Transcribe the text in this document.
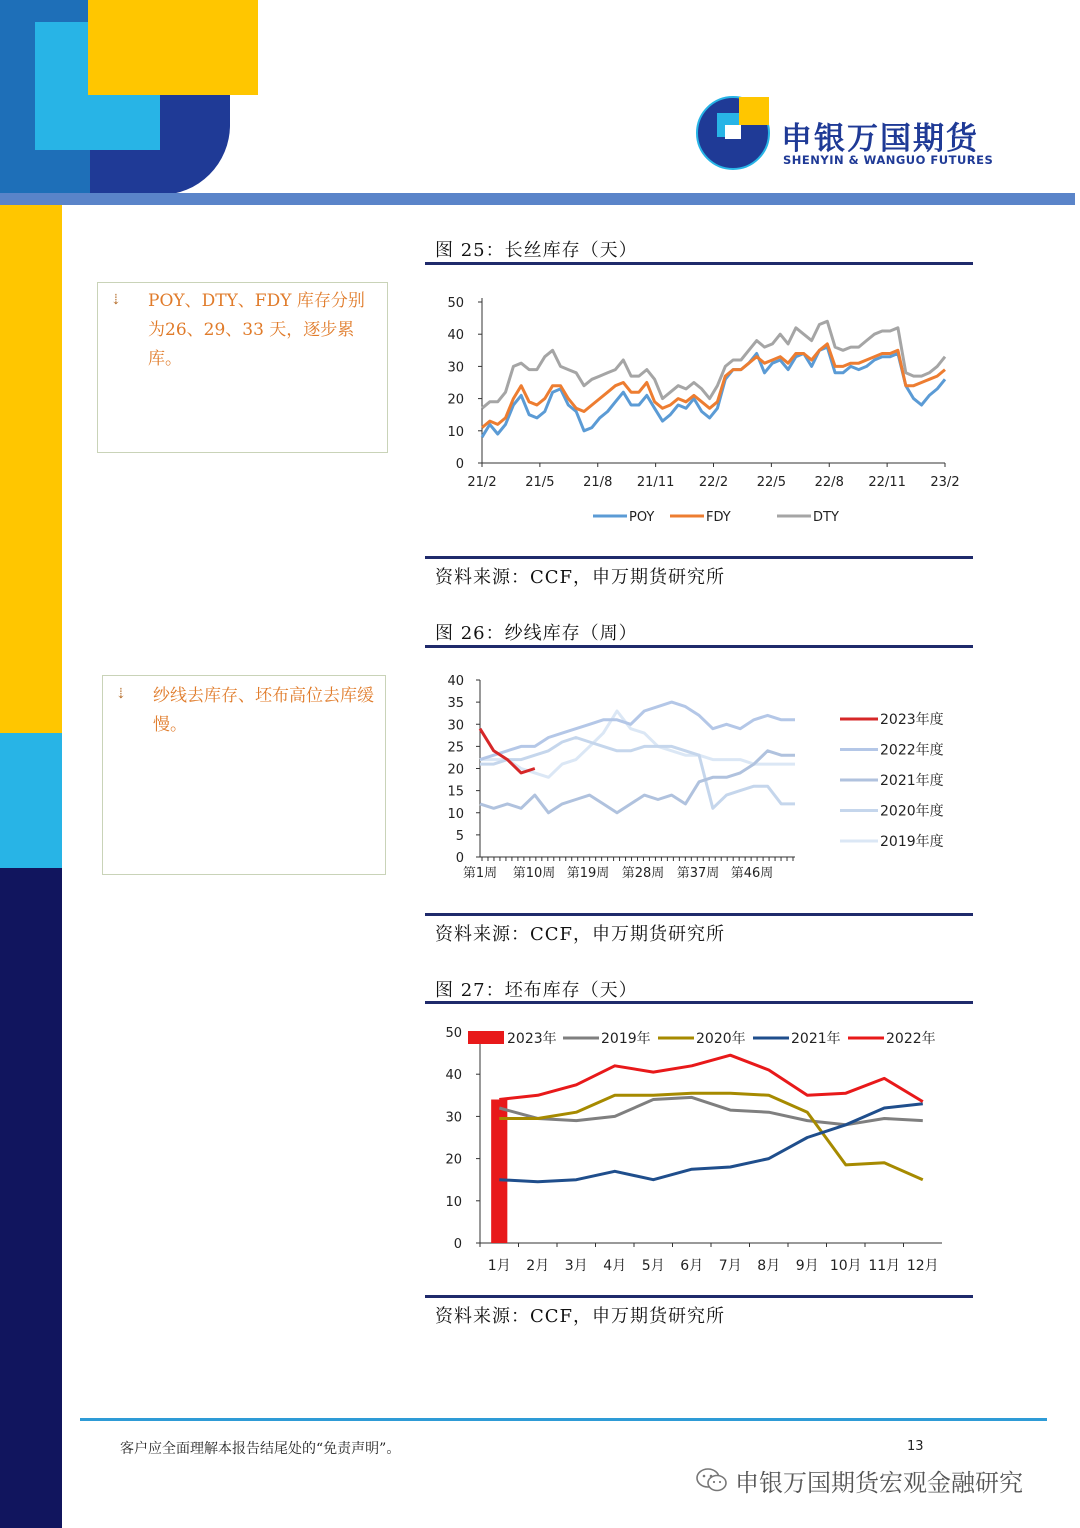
申银万国期货
SHENYIN & WANGUO FUTURES
⇣ POY、DTY、FDY 库存分别为26、29、33 天，逐步累库。
图 25：长丝库存（天）
0
10
20
30
40
50
21/2 21/5 21/8 21/11 22/2 22/5 22/8 22/11 23/2
POY	FDY	DTY
资料来源：CCF，申万期货研究所
⇣ 纱线去库存、坯布高位去库缓慢。
图 26：纱线库存（周）
0
5
10
15
20
25
30
35
40
第1周 第10周 第19周 第28周 第37周 第46周
2023年度
2022年度
2021年度
2020年度
2019年度
资料来源：CCF，申万期货研究所
图 27：坯布库存（天）
0
10
20
30
40
50
1月 2月 3月 4月 5月 6月 7月 8月 9月 10月 11月 12月
2023年	2019年	2020年	2021年	2022年
资料来源：CCF，申万期货研究所
客户应全面理解本报告结尾处的“免责声明”。	13
申银万国期货宏观金融研究
